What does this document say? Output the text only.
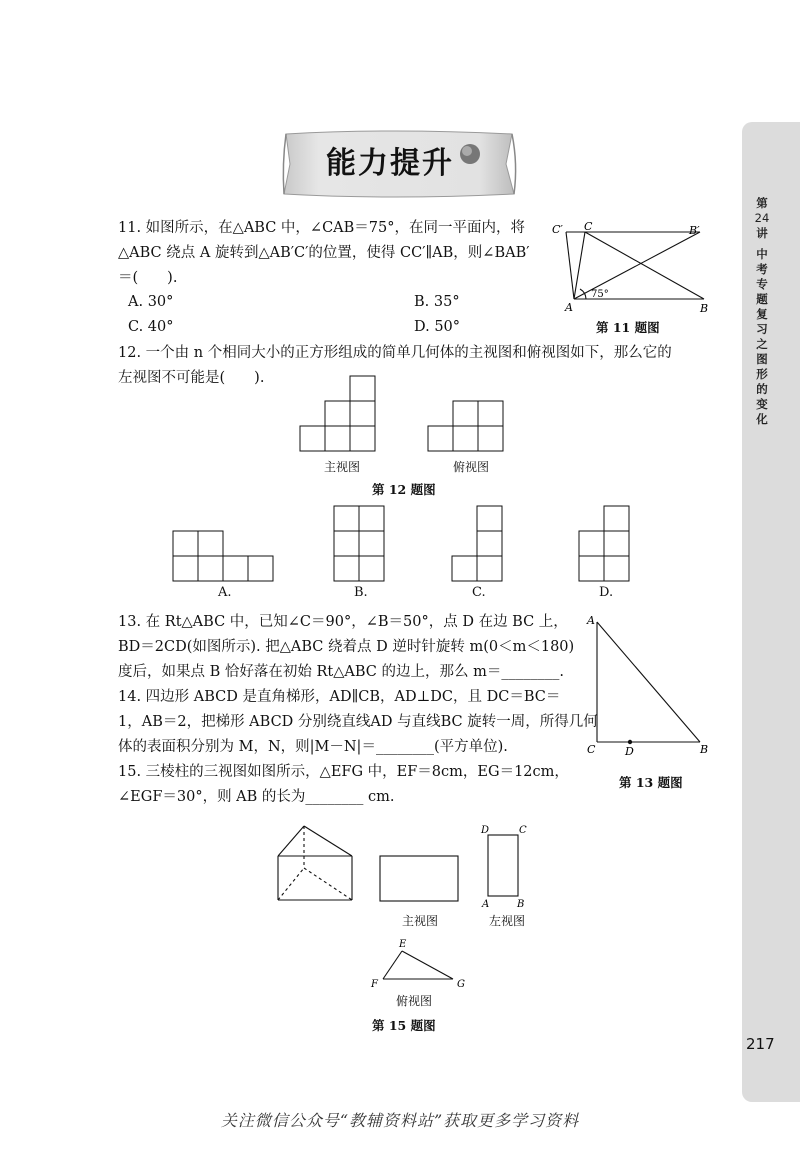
第
24
讲
中
考
专
题
复
习
之
图
形
的
变
化
能力提升
11. 如图所示，在△ABC 中，∠CAB＝75°，在同一平面内，将
△ABC 绕点 A 旋转到△AB′C′的位置，使得 CC′∥AB，则∠BAB′
＝(　　).
A. 30°	B. 35°
C. 40°	D. 50°
C′ C	B′
A	B
75°
第 11 题图
12. 一个由 n 个相同大小的正方形组成的简单几何体的主视图和俯视图如下，那么它的
左视图不可能是(　　).
主视图	俯视图
第 12 题图
A.	B.	C.	D.
13. 在 Rt△ABC 中，已知∠C＝90°，∠B＝50°，点 D 在边 BC 上，
BD＝2CD(如图所示). 把△ABC 绕着点 D 逆时针旋转 m(0＜m＜180)
度后，如果点 B 恰好落在初始 Rt△ABC 的边上，那么 m＝________.
A
C	D	B
第 13 题图
14. 四边形 ABCD 是直角梯形，AD∥CB，AD⊥DC，且 DC＝BC＝
1，AB＝2，把梯形 ABCD 分别绕直线AD 与直线BC 旋转一周，所得几何
体的表面积分别为 M，N，则|M－N|＝________(平方单位).
15. 三棱柱的三视图如图所示，△EFG 中，EF＝8cm，EG＝12cm，
∠EGF＝30°，则 AB 的长为________ cm.
D	C
A	B
主视图	左视图
E
F	G
俯视图
第 15 题图
217
关注微信公众号“教辅资料站”获取更多学习资料
